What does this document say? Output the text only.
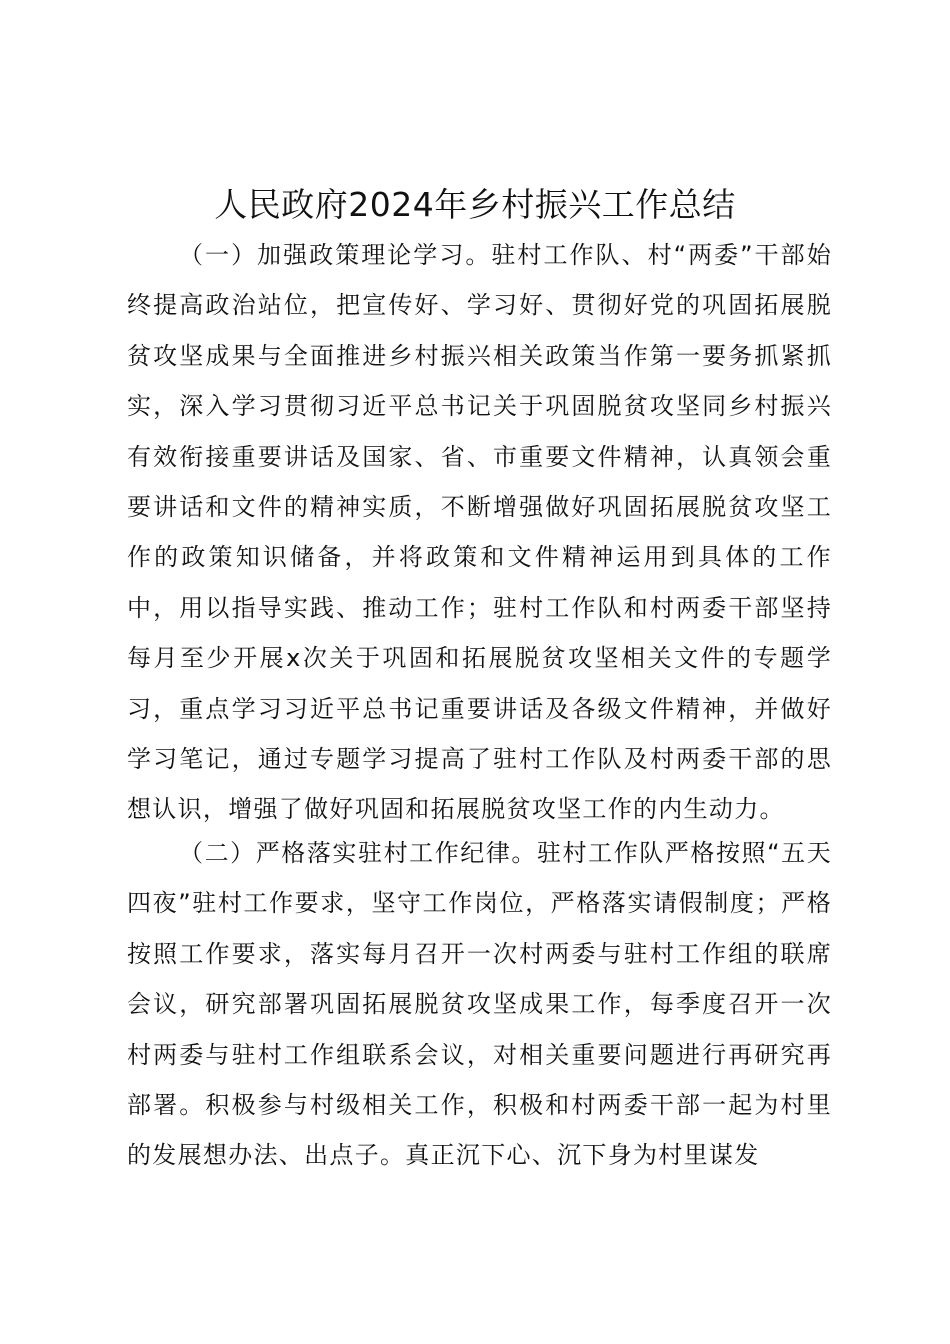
人民政府2024年乡村振兴工作总结

（一）加强政策理论学习。驻村工作队、村“两委”干部始终提高政治站位，把宣传好、学习好、贯彻好党的巩固拓展脱贫攻坚成果与全面推进乡村振兴相关政策当作第一要务抓紧抓实，深入学习贯彻习近平总书记关于巩固脱贫攻坚同乡村振兴有效衔接重要讲话及国家、省、市重要文件精神，认真领会重要讲话和文件的精神实质，不断增强做好巩固拓展脱贫攻坚工作的政策知识储备，并将政策和文件精神运用到具体的工作中，用以指导实践、推动工作；驻村工作队和村两委干部坚持每月至少开展x次关于巩固和拓展脱贫攻坚相关文件的专题学习，重点学习习近平总书记重要讲话及各级文件精神，并做好学习笔记，通过专题学习提高了驻村工作队及村两委干部的思想认识，增强了做好巩固和拓展脱贫攻坚工作的内生动力。

（二）严格落实驻村工作纪律。驻村工作队严格按照“五天四夜”驻村工作要求，坚守工作岗位，严格落实请假制度；严格按照工作要求，落实每月召开一次村两委与驻村工作组的联席会议，研究部署巩固拓展脱贫攻坚成果工作，每季度召开一次村两委与驻村工作组联系会议，对相关重要问题进行再研究再部署。积极参与村级相关工作，积极和村两委干部一起为村里的发展想办法、出点子。真正沉下心、沉下身为村里谋发
